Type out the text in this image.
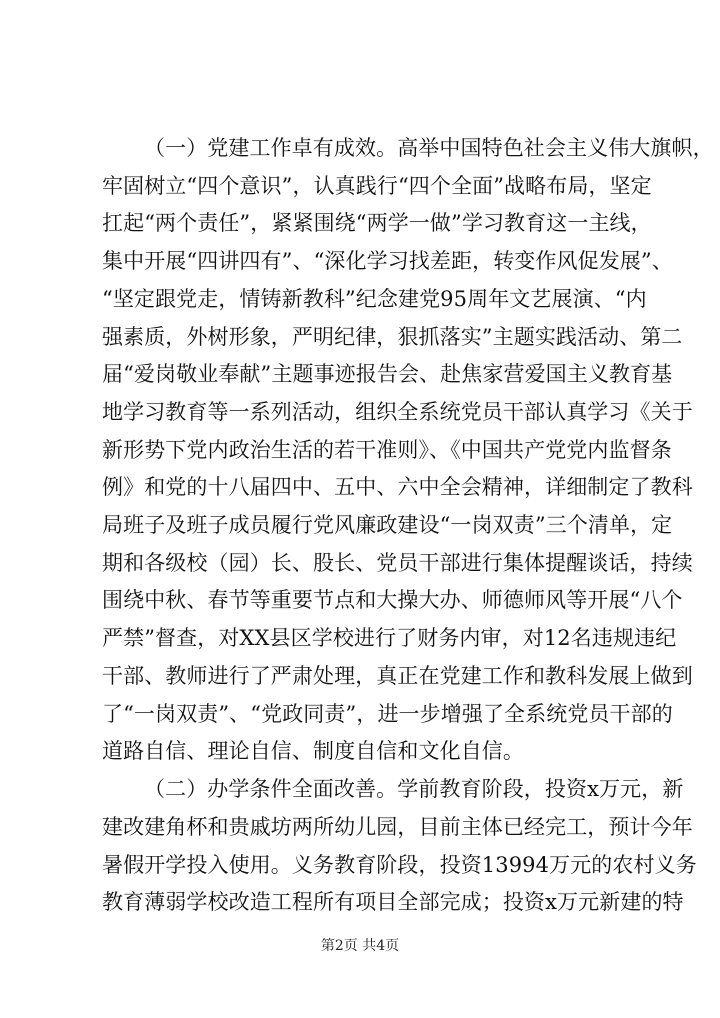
（一）党建工作卓有成效。高举中国特色社会主义伟大旗帜，
牢固树立“四个意识”，认真践行“四个全面”战略布局，坚定
扛起“两个责任”，紧紧围绕“两学一做”学习教育这一主线，
集中开展“四讲四有”、“深化学习找差距，转变作风促发展”、
“坚定跟党走，情铸新教科”纪念建党95周年文艺展演、“内
强素质，外树形象，严明纪律，狠抓落实”主题实践活动、第二
届“爱岗敬业奉献”主题事迹报告会、赴焦家营爱国主义教育基
地学习教育等一系列活动，组织全系统党员干部认真学习《关于
新形势下党内政治生活的若干准则》、《中国共产党党内监督条
例》和党的十八届四中、五中、六中全会精神，详细制定了教科
局班子及班子成员履行党风廉政建设“一岗双责”三个清单，定
期和各级校（园）长、股长、党员干部进行集体提醒谈话，持续
围绕中秋、春节等重要节点和大操大办、师德师风等开展“八个
严禁”督查，对XX县区学校进行了财务内审，对12名违规违纪
干部、教师进行了严肃处理，真正在党建工作和教科发展上做到
了“一岗双责”、“党政同责”，进一步增强了全系统党员干部的
道路自信、理论自信、制度自信和文化自信。
（二）办学条件全面改善。学前教育阶段，投资x万元，新
建改建角杯和贵戚坊两所幼儿园，目前主体已经完工，预计今年
暑假开学投入使用。义务教育阶段，投资13994万元的农村义务
教育薄弱学校改造工程所有项目全部完成；投资x万元新建的特
第2页 共4页
